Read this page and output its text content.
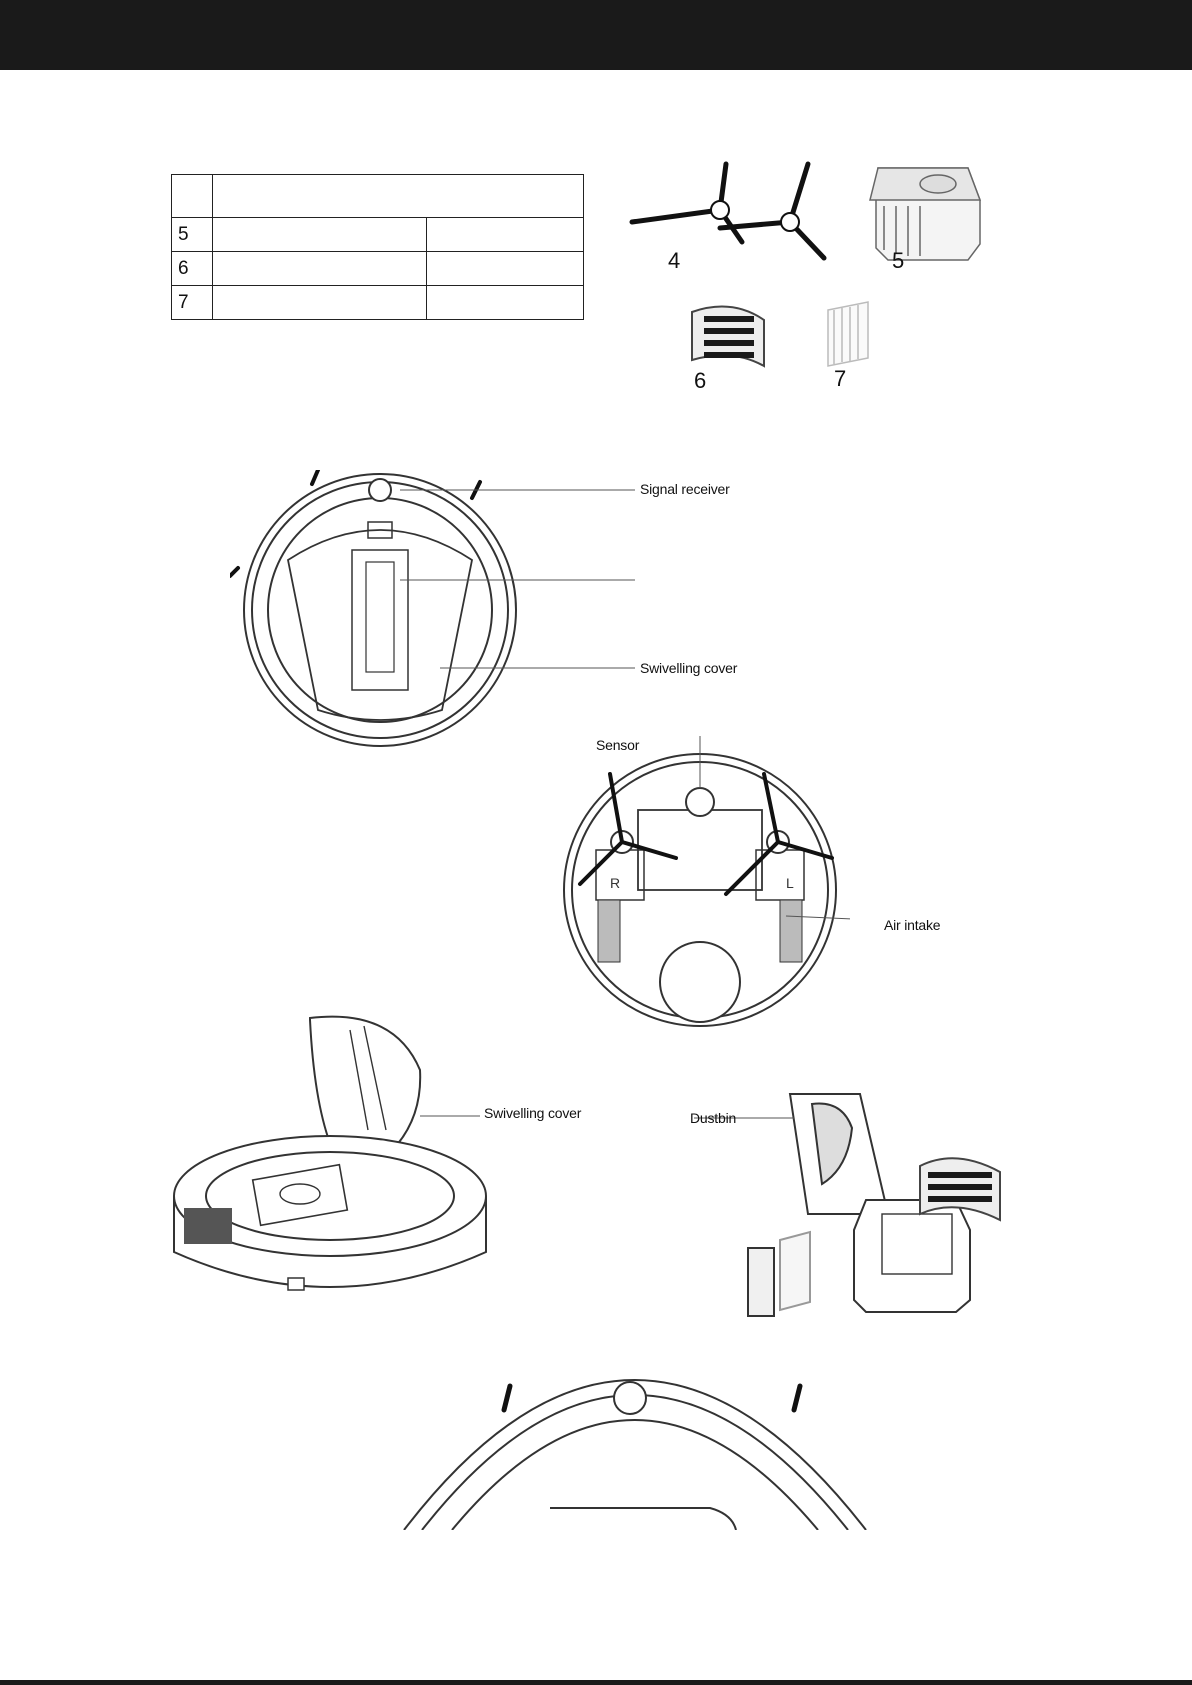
5		
6		
7		
4	5
6	7
Signal receiver
Swivelling cover
R	L
Sensor
Air intake
Swivelling cover	Dustbin
